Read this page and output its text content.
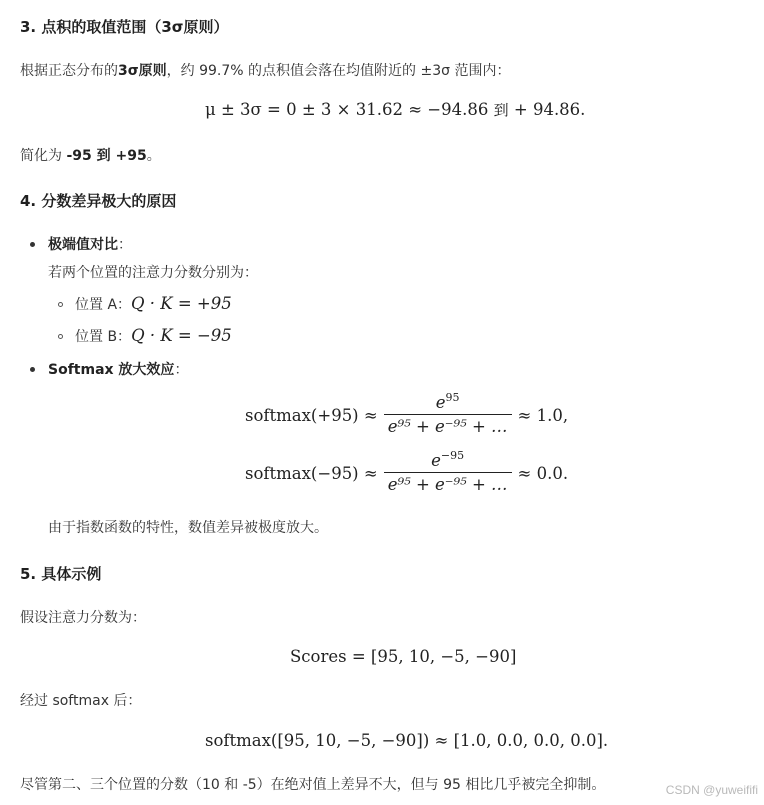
3. 点积的取值范围（3σ原则）
根据正态分布的3σ原则，约 99.7% 的点积值会落在均值附近的 ±3σ 范围内：
μ ± 3σ = 0 ± 3 × 31.62 ≈ −94.86 到 + 94.86.
简化为 -95 到 +95。
4. 分数差异极大的原因
极端值对比：
若两个位置的注意力分数分别为：
位置 A：Q · K = +95
位置 B：Q · K = −95
Softmax 放大效应：
softmax(+95) ≈ $\frac{e^{95}}{\text{e⁹⁵ + e⁻⁹⁵ + …}} \approx 1.0$,
softmax(−95) ≈ $\frac{e^{-95}}{\text{e⁹⁵ + e⁻⁹⁵ + …}} \approx 0.0$.
由于指数函数的特性，数值差异被极度放大。
5. 具体示例
假设注意力分数为：
Scores = [95, 10, −5, −90]
经过 softmax 后：
softmax([95, 10, −5, −90]) ≈ [1.0, 0.0, 0.0, 0.0].
尽管第二、三个位置的分数（10 和 -5）在绝对值上差异不大，但与 95 相比几乎被完全抑制。	CSDN @yuweififi
